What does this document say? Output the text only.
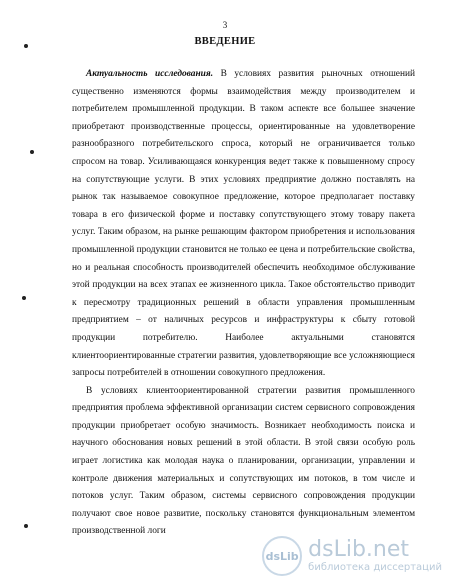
3
ВВЕДЕНИЕ

Актуальность исследования. В условиях развития рыночных отношений существенно изменяются формы взаимодействия между производителем и потребителем промышленной продукции. В таком аспекте все большее значение приобретают производственные процессы, ориентированные на удовлетворение разнообразного потребительского спроса, который не ограничивается только спросом на товар. Усиливающаяся конкуренция ведет также к повышенному спросу на сопутствующие услуги. В этих условиях предприятие должно поставлять на рынок так называемое совокупное предложение, которое предполагает поставку товара в его физической форме и поставку сопутствующего этому товару пакета услуг. Таким образом, на рынке решающим фактором приобретения и использования промышленной продукции становится не только ее цена и потребительские свойства, но и реальная способность производителей обеспечить необходимое обслуживание этой продукции на всех этапах ее жизненного цикла. Такое обстоятельство приводит к пересмотру традиционных решений в области управления промышленным предприятием – от наличных ресурсов и инфраструктуры к сбыту готовой продукции потребителю. Наиболее актуальными становятся клиентоориентированные стратегии развития, удовлетворяющие все усложняющиеся запросы потребителей в отношении совокупного предложения.

В условиях клиентоориентированной стратегии развития промышленного предприятия проблема эффективной организации систем сервисного сопровождения продукции приобретает особую значимость. Возникает необходимость поиска и научного обоснования новых решений в этой области. В этой связи особую роль играет логистика как молодая наука о планировании, организации, управлении и контроле движения материальных и сопутствующих им потоков, в том числе и потоков услуг. Таким образом, системы сервисного сопровождения продукции получают свое новое развитие, поскольку становятся функциональным элементом производственной логи

dsLib dsLib.net
библиотека диссертаций
